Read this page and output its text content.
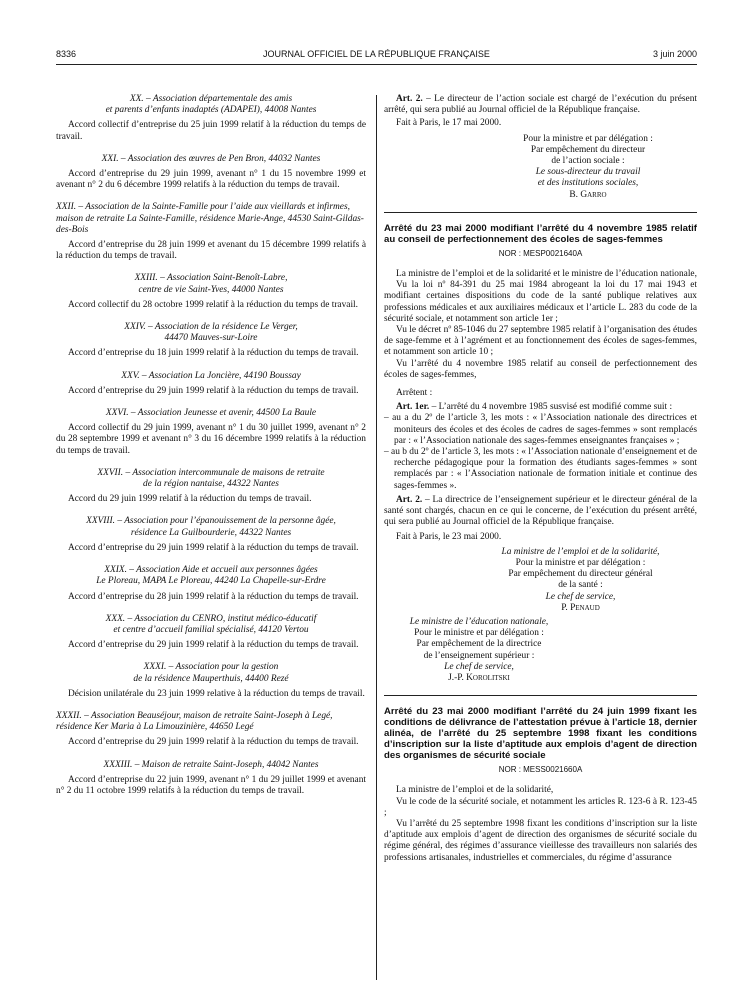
8336	JOURNAL OFFICIEL DE LA RÉPUBLIQUE FRANÇAISE	3 juin 2000
XX. – Association départementale des amis
et parents d’enfants inadaptés (ADAPEI), 44008 Nantes

Accord collectif d’entreprise du 25 juin 1999 relatif à la réduction du temps de travail.

XXI. – Association des œuvres de Pen Bron, 44032 Nantes

Accord d’entreprise du 29 juin 1999, avenant n° 1 du 15 novembre 1999 et avenant n° 2 du 6 décembre 1999 relatifs à la réduction du temps de travail.

XXII. – Association de la Sainte-Famille pour l’aide aux vieillards et infirmes, maison de retraite La Sainte-Famille, résidence Marie-Ange, 44530 Saint-Gildas-des-Bois

Accord d’entreprise du 28 juin 1999 et avenant du 15 décembre 1999 relatifs à la réduction du temps de travail.

XXIII. – Association Saint-Benoît-Labre,
centre de vie Saint-Yves, 44000 Nantes

Accord collectif du 28 octobre 1999 relatif à la réduction du temps de travail.

XXIV. – Association de la résidence Le Verger,
44470 Mauves-sur-Loire

Accord d’entreprise du 18 juin 1999 relatif à la réduction du temps de travail.

XXV. – Association La Joncière, 44190 Boussay

Accord d’entreprise du 29 juin 1999 relatif à la réduction du temps de travail.

XXVI. – Association Jeunesse et avenir, 44500 La Baule

Accord collectif du 29 juin 1999, avenant n° 1 du 30 juillet 1999, avenant n° 2 du 28 septembre 1999 et avenant n° 3 du 16 décembre 1999 relatifs à la réduction du temps de travail.

XXVII. – Association intercommunale de maisons de retraite
de la région nantaise, 44322 Nantes

Accord du 29 juin 1999 relatif à la réduction du temps de travail.

XXVIII. – Association pour l’épanouissement de la personne âgée,
résidence La Guilbourderie, 44322 Nantes

Accord d’entreprise du 29 juin 1999 relatif à la réduction du temps de travail.

XXIX. – Association Aide et accueil aux personnes âgées
Le Ploreau, MAPA Le Ploreau, 44240 La Chapelle-sur-Erdre

Accord d’entreprise du 28 juin 1999 relatif à la réduction du temps de travail.

XXX. – Association du CENRO, institut médico-éducatif
et centre d’accueil familial spécialisé, 44120 Vertou

Accord d’entreprise du 29 juin 1999 relatif à la réduction du temps de travail.

XXXI. – Association pour la gestion
de la résidence Mauperthuis, 44400 Rezé

Décision unilatérale du 23 juin 1999 relative à la réduction du temps de travail.

XXXII. – Association Beauséjour, maison de retraite Saint-Joseph à Legé, résidence Ker Maria à La Limouzinière, 44650 Legé

Accord d’entreprise du 29 juin 1999 relatif à la réduction du temps de travail.

XXXIII. – Maison de retraite Saint-Joseph, 44042 Nantes

Accord d’entreprise du 22 juin 1999, avenant n° 1 du 29 juillet 1999 et avenant n° 2 du 11 octobre 1999 relatifs à la réduction du temps de travail.

Art. 2. – Le directeur de l’action sociale est chargé de l’exécution du présent arrêté, qui sera publié au Journal officiel de la République française.

Fait à Paris, le 17 mai 2000.

Pour la ministre et par délégation :
Par empêchement du directeur
de l’action sociale :
Le sous-directeur du travail
et des institutions sociales,
B. Garro
Arrêté du 23 mai 2000 modifiant l’arrêté du 4 novembre 1985 relatif au conseil de perfectionnement des écoles de sages-femmes
NOR : MESP0021640A

La ministre de l’emploi et de la solidarité et le ministre de l’éducation nationale,

Vu la loi nº 84-391 du 25 mai 1984 abrogeant la loi du 17 mai 1943 et modifiant certaines dispositions du code de la santé publique relatives aux professions médicales et aux auxiliaires médicaux et l’article L. 283 du code de la sécurité sociale, et notamment son article 1er ;

Vu le décret nº 85-1046 du 27 septembre 1985 relatif à l’organisation des études de sage-femme et à l’agrément et au fonctionnement des écoles de sages-femmes, et notamment son article 10 ;

Vu l’arrêté du 4 novembre 1985 relatif au conseil de perfectionnement des écoles de sages-femmes,

Arrêtent :

Art. 1er. – L’arrêté du 4 novembre 1985 susvisé est modifié comme suit :

– au a du 2º de l’article 3, les mots : « l’Association nationale des directrices et moniteurs des écoles et des écoles de cadres de sages-femmes » sont remplacés par : « l’Association nationale des sages-femmes enseignantes françaises » ;

– au b du 2º de l’article 3, les mots : « l’Association nationale d’enseignement et de recherche pédagogique pour la formation des étudiants sages-femmes » sont remplacés par : « l’Association nationale de formation initiale et continue des sages-femmes ».

Art. 2. – La directrice de l’enseignement supérieur et le directeur général de la santé sont chargés, chacun en ce qui le concerne, de l’exécution du présent arrêté, qui sera publié au Journal officiel de la République française.

Fait à Paris, le 23 mai 2000.

La ministre de l’emploi et de la solidarité,
Pour la ministre et par délégation :
Par empêchement du directeur général
de la santé :
Le chef de service,
P. Penaud
Le ministre de l’éducation nationale,
Pour le ministre et par délégation :
Par empêchement de la directrice
de l’enseignement supérieur :
Le chef de service,
J.-P. Korolitski
Arrêté du 23 mai 2000 modifiant l’arrêté du 24 juin 1999 fixant les conditions de délivrance de l’attestation prévue à l’article 18, dernier alinéa, de l’arrêté du 25 septembre 1998 fixant les conditions d’inscription sur la liste d’aptitude aux emplois d’agent de direction des organismes de sécurité sociale
NOR : MESS0021660A

La ministre de l’emploi et de la solidarité,

Vu le code de la sécurité sociale, et notamment les articles R. 123-6 à R. 123-45 ;

Vu l’arrêté du 25 septembre 1998 fixant les conditions d’inscription sur la liste d’aptitude aux emplois d’agent de direction des organismes de sécurité sociale du régime général, des régimes d’assurance vieillesse des travailleurs non salariés des professions artisanales, industrielles et commerciales, du régime d’assurance
